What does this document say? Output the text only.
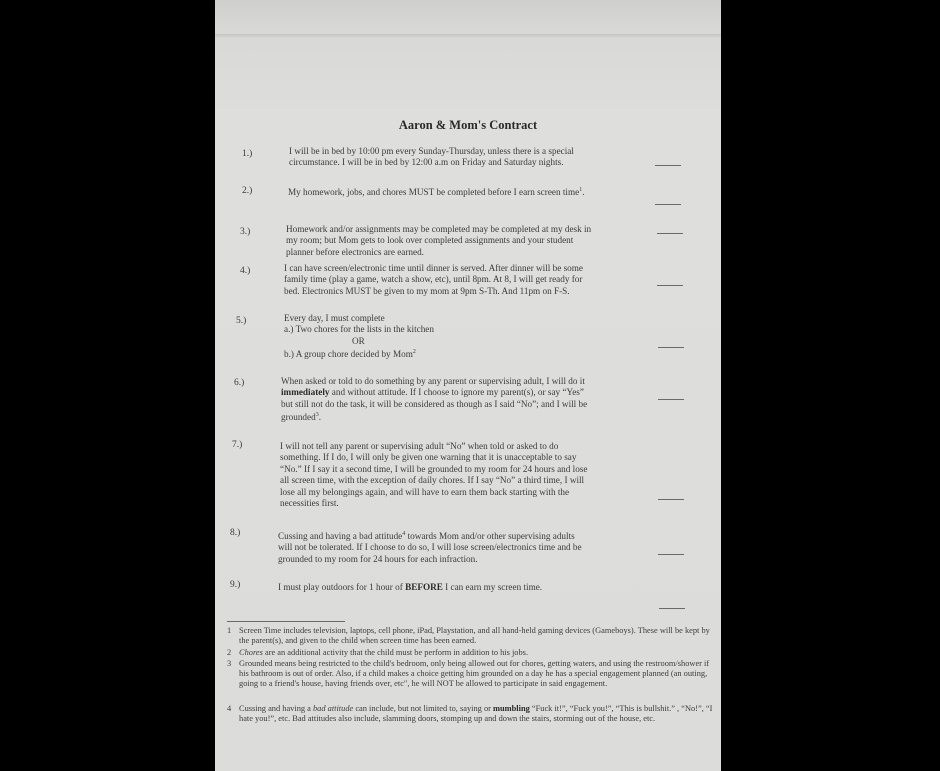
Aaron & Mom's Contract
1.)	I will be in bed by 10:00 pm every Sunday-Thursday, unless there is a special

circumstance. I will be in bed by 12:00 a.m on Friday and Saturday nights.

2.)	My homework, jobs, and chores MUST be completed before I earn screen time$^1$.

3.)	Homework and/or assignments may be completed may be completed at my desk in

my room; but Mom gets to look over completed assignments and your student

planner before electronics are earned.

4.)	I can have screen/electronic time until dinner is served. After dinner will be some

family time (play a game, watch a show, etc), until 8pm. At 8, I will get ready for

bed. Electronics MUST be given to my mom at 9pm S-Th. And 11pm on F-S.

5.)	Every day, I must complete

a.) Two chores for the lists in the kitchen

OR

b.) A group chore decided by Mom$^2$

6.)	When asked or told to do something by any parent or supervising adult, I will do it

immediately and without attitude. If I choose to ignore my parent(s), or say “Yes”

but still not do the task, it will be considered as though as I said “No”; and I will be

grounded$^3$.

7.)	I will not tell any parent or supervising adult “No” when told or asked to do

something. If I do, I will only be given one warning that it is unacceptable to say

“No.” If I say it a second time, I will be grounded to my room for 24 hours and lose

all screen time, with the exception of daily chores. If I say “No” a third time, I will

lose all my belongings again, and will have to earn them back starting with the

necessities first.

8.)	Cussing and having a bad attitude$^4$ towards Mom and/or other supervising adults

will not be tolerated. If I choose to do so, I will lose screen/electronics time and be

grounded to my room for 24 hours for each infraction.

9.)	I must play outdoors for 1 hour of BEFORE I can earn my screen time.

1 Screen Time includes television, laptops, cell phone, iPad, Playstation, and all hand-held gaming devices (Gameboys). These will be kept by the parent(s), and given to the child when screen time has been earned.
2 Chores are an additional activity that the child must be perform in addition to his jobs.
3 Grounded means being restricted to the child's bedroom, only being allowed out for chores, getting waters, and using the restroom/shower if his bathroom is out of order. Also, if a child makes a choice getting him grounded on a day he has a special engagement planned (an outing, going to a friend's house, having friends over, etc", he will NOT be allowed to participate in said engagement.
4 Cussing and having a bad attitude can include, but not limited to, saying or mumbling “Fuck it!”, “Fuck you!”, “This is bullshit.” , “No!”, “I hate you!”, etc. Bad attitudes also include, slamming doors, stomping up and down the stairs, storming out of the house, etc.
